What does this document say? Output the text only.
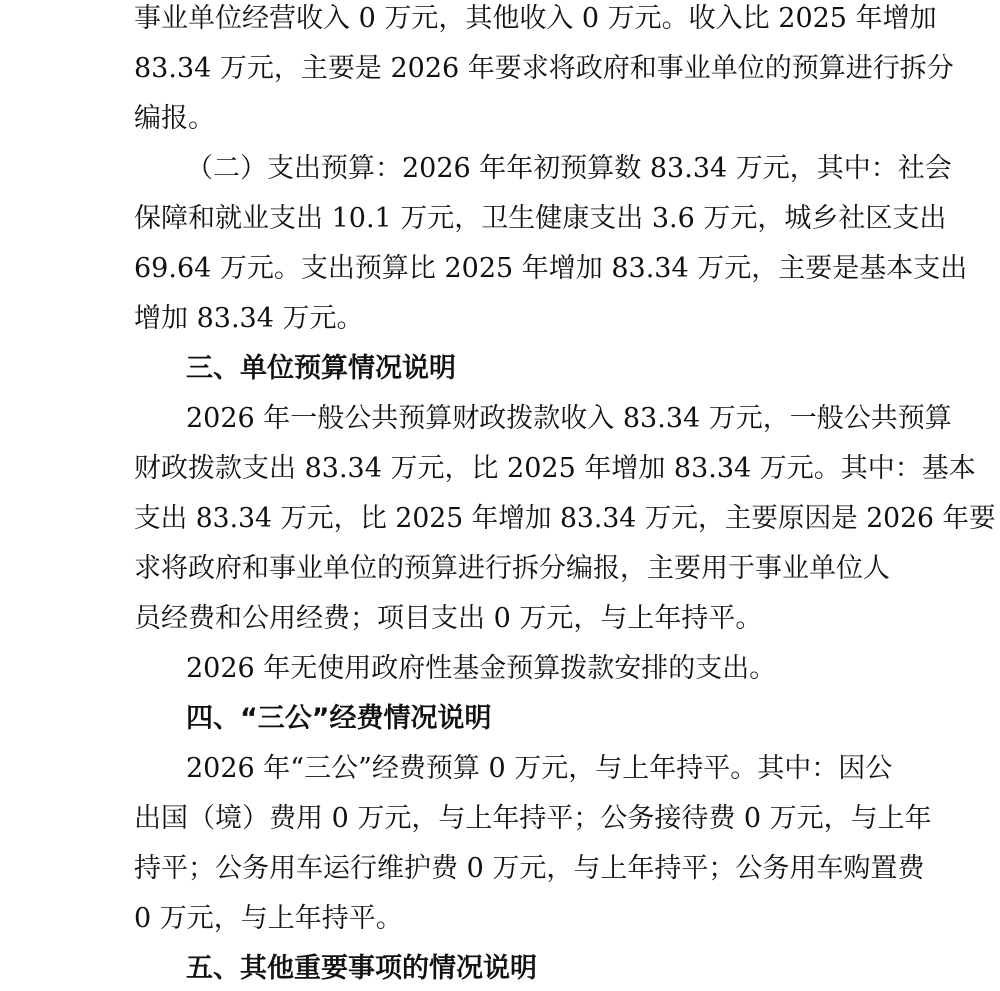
事业单位经营收入 0 万元，其他收入 0 万元。收入比 2025 年增加

83.34 万元，主要是 2026 年要求将政府和事业单位的预算进行拆分

编报。

（二）支出预算：2026 年年初预算数 83.34 万元，其中：社会

保障和就业支出 10.1 万元，卫生健康支出 3.6 万元，城乡社区支出

69.64 万元。支出预算比 2025 年增加 83.34 万元，主要是基本支出

增加 83.34 万元。

三、单位预算情况说明

2026 年一般公共预算财政拨款收入 83.34 万元，一般公共预算

财政拨款支出 83.34 万元，比 2025 年增加 83.34 万元。其中：基本

支出 83.34 万元，比 2025 年增加 83.34 万元，主要原因是 2026 年要

求将政府和事业单位的预算进行拆分编报，主要用于事业单位人

员经费和公用经费；项目支出 0 万元，与上年持平。

2026 年无使用政府性基金预算拨款安排的支出。

四、“三公”经费情况说明

2026 年“三公”经费预算 0 万元，与上年持平。其中：因公

出国（境）费用 0 万元，与上年持平；公务接待费 0 万元，与上年

持平；公务用车运行维护费 0 万元，与上年持平；公务用车购置费

0 万元，与上年持平。

五、其他重要事项的情况说明
